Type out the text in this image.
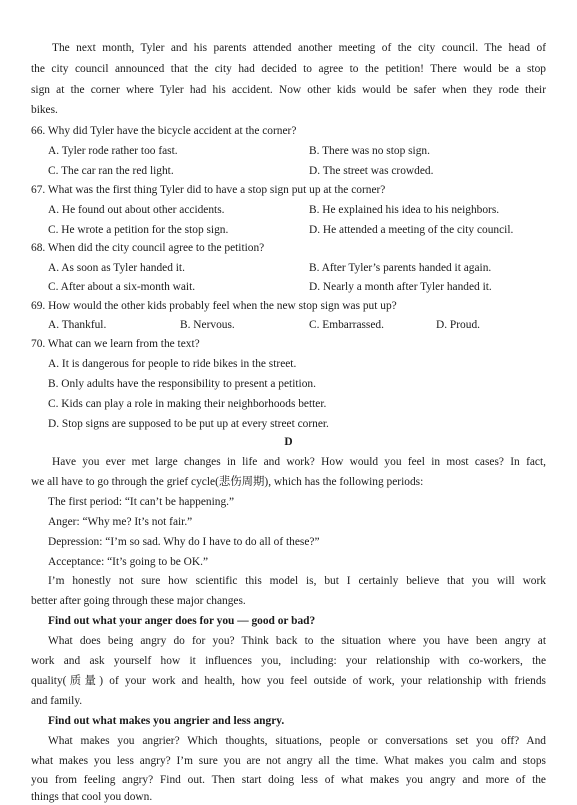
The next month, Tyler and his parents attended another meeting of the city council. The head of
the city council announced that the city had decided to agree to the petition! There would be a stop
sign at the corner where Tyler had his accident. Now other kids would be safer when they rode their
bikes.
66. Why did Tyler have the bicycle accident at the corner?
A. Tyler rode rather too fast.	B. There was no stop sign.
C. The car ran the red light.	D. The street was crowded.
67. What was the first thing Tyler did to have a stop sign put up at the corner?
A. He found out about other accidents.	B. He explained his idea to his neighbors.
C. He wrote a petition for the stop sign.	D. He attended a meeting of the city council.
68. When did the city council agree to the petition?
A. As soon as Tyler handed it.	B. After Tyler’s parents handed it again.
C. After about a six-month wait.	D. Nearly a month after Tyler handed it.
69. How would the other kids probably feel when the new stop sign was put up?
A. Thankful.	B. Nervous.	C. Embarrassed.	D. Proud.
70. What can we learn from the text?
A. It is dangerous for people to ride bikes in the street.
B. Only adults have the responsibility to present a petition.
C. Kids can play a role in making their neighborhoods better.
D. Stop signs are supposed to be put up at every street corner.
D
Have you ever met large changes in life and work? How would you feel in most cases? In fact,
we all have to go through the grief cycle(悲伤周期), which has the following periods:
The first period: “It can’t be happening.”
Anger: “Why me? It’s not fair.”
Depression: “I’m so sad. Why do I have to do all of these?”
Acceptance: “It’s going to be OK.”
I’m honestly not sure how scientific this model is, but I certainly believe that you will work
better after going through these major changes.
Find out what your anger does for you — good or bad?
What does being angry do for you? Think back to the situation where you have been angry at
work and ask yourself how it influences you, including: your relationship with co-workers, the
quality(质量) of your work and health, how you feel outside of work, your relationship with friends
and family.
Find out what makes you angrier and less angry.
What makes you angrier? Which thoughts, situations, people or conversations set you off? And
what makes you less angry? I’m sure you are not angry all the time. What makes you calm and stops
you from feeling angry? Find out. Then start doing less of what makes you angry and more of the
things that cool you down.
